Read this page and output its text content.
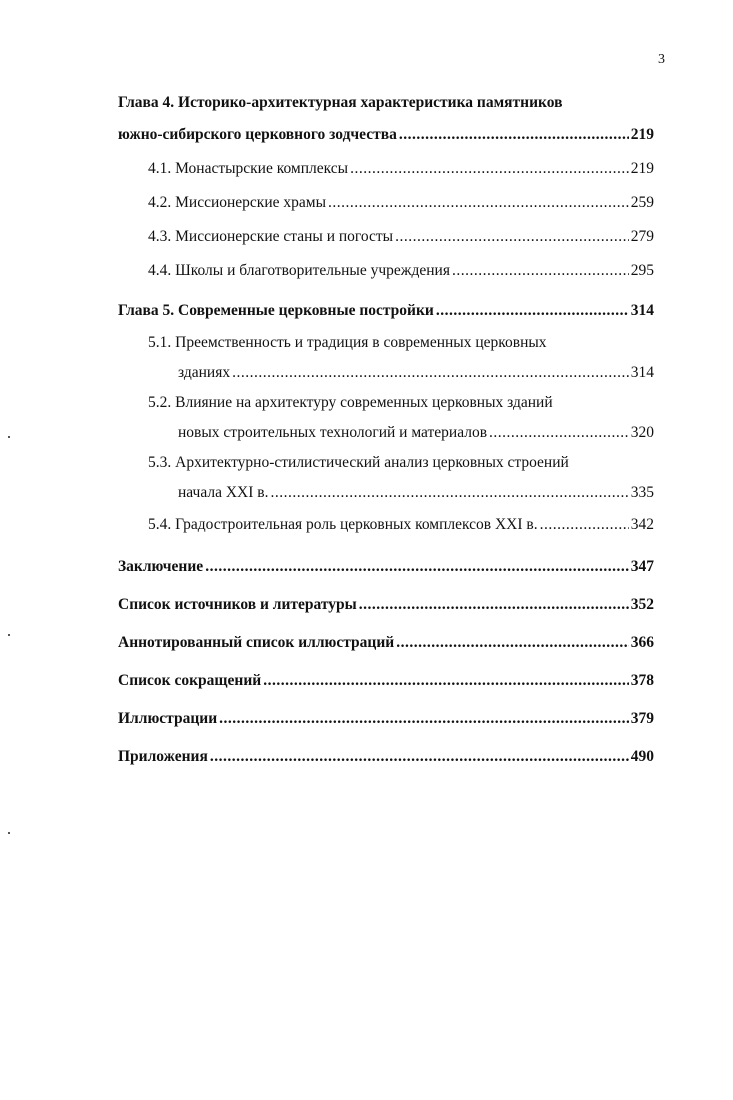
3
Глава 4. Историко-архитектурная характеристика памятников
южно-сибирского церковного зодчества .....	219
4.1. Монастырские комплексы .....	219
4.2. Миссионерские храмы .....	259
4.3. Миссионерские станы и погосты .....	279
4.4. Школы и благотворительные учреждения .....	295
Глава 5. Современные церковные постройки .....	314
5.1. Преемственность и традиция в современных церковных
зданиях .....	314
5.2. Влияние на архитектуру современных церковных зданий
новых строительных технологий и материалов .....	320
5.3. Архитектурно-стилистический анализ церковных строений
начала XXI в. .....	335
5.4. Градостроительная роль церковных комплексов XXI в. .....	342
Заключение .....	347
Список источников и литературы .....	352
Аннотированный список иллюстраций .....	366
Список сокращений .....	378
Иллюстрации .....	379
Приложения .....	490
